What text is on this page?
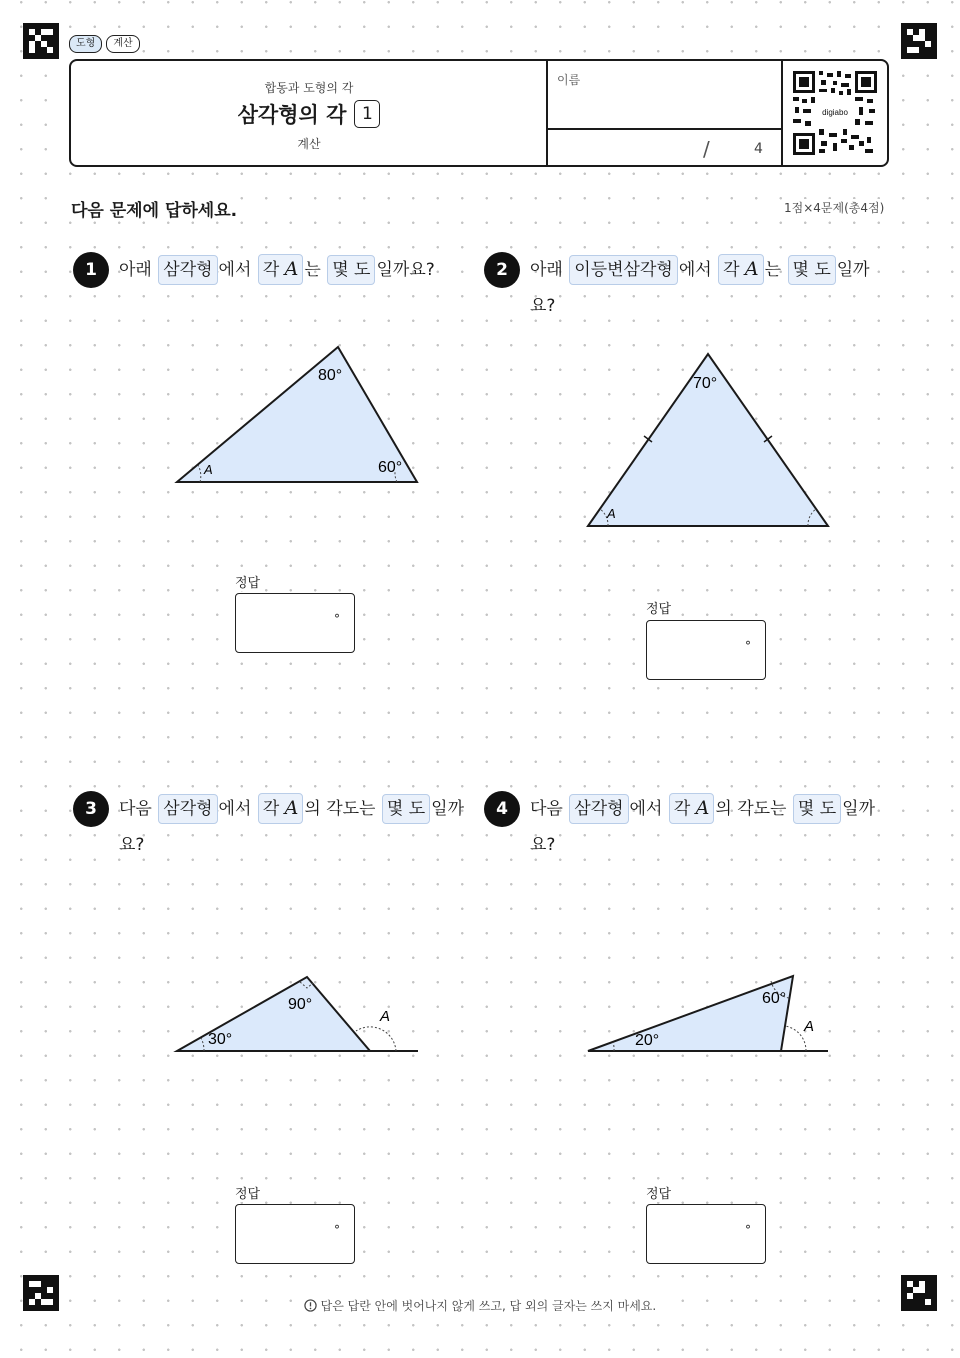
도형	계산
합동과 도형의 각
삼각형의 각 1
계산
이름
/	4
digiabo
다음 문제에 답하세요.	1점×4문제(총4점)
1	아래 삼각형 에서 각 A 는 몇 도 일까요?
80°
60°
A
정답
°
2	아래 이등변삼각형 에서 각 A 는 몇 도 일까
요?
70°
A
정답
°
3	다음 삼각형 에서 각 A 의 각도는 몇 도 일까
요?
90°
30°
A
정답
°
4	다음 삼각형 에서 각 A 의 각도는 몇 도 일까
요?
60°
20°
A
정답
°
답은 답란 안에 벗어나지 않게 쓰고, 답 외의 글자는 쓰지 마세요.
